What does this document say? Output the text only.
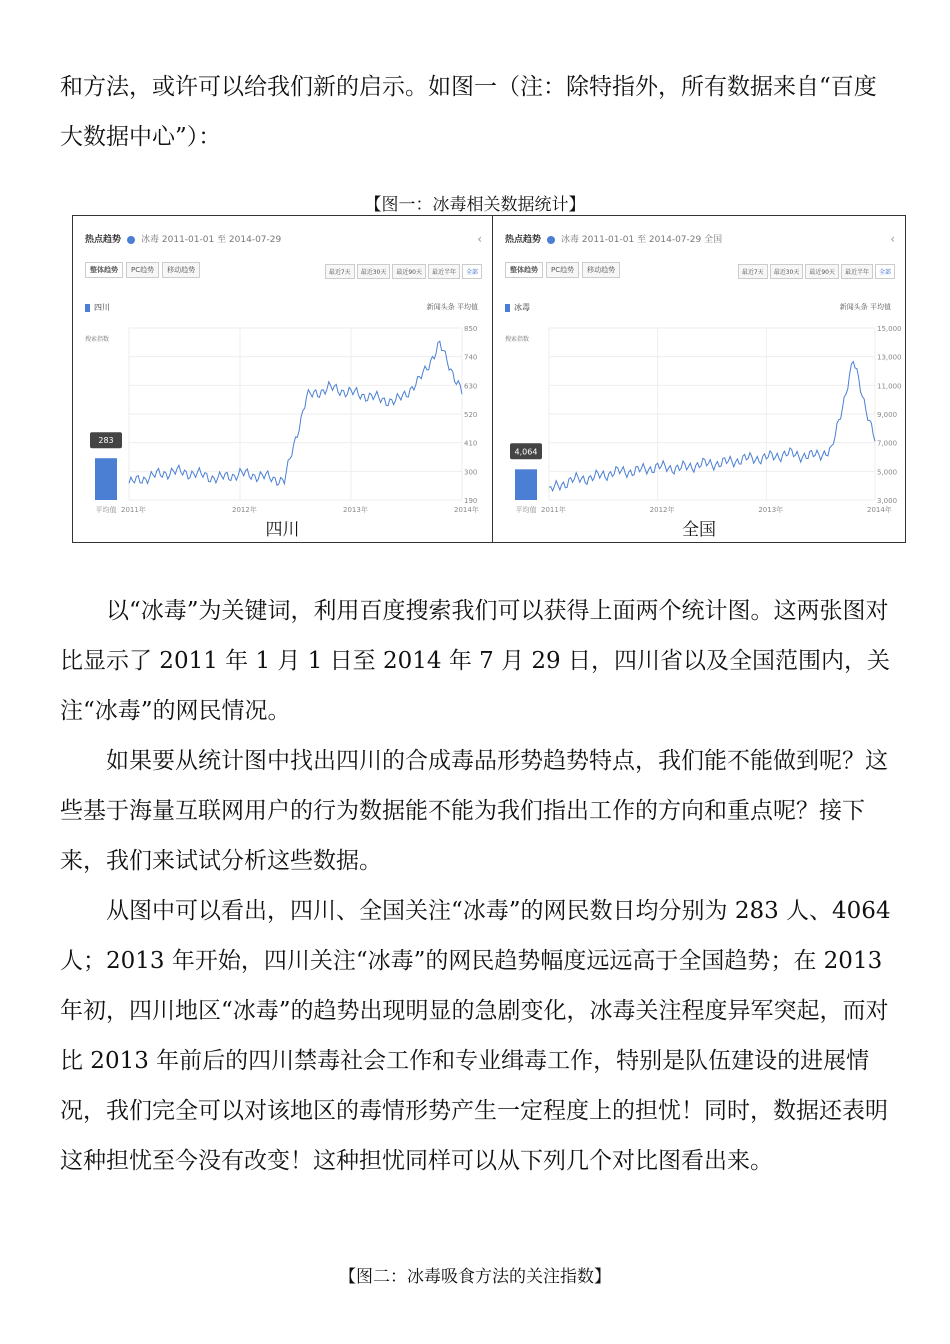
和方法，或许可以给我们新的启示。如图一（注：除特指外，所有数据来自“百度大数据中心”）：

【图一：冰毒相关数据统计】
热点趋势 冰毒 2011-01-01 至 2014-07-29	‹
整体趋势 PC趋势 移动趋势	最近7天 最近30天 最近90天 最近半年 全部
四川	新闻头条 平均值
搜索指数
850
740
630
520
410
300
190
2011年	2012年	2013年	2014年
283
平均值
四川
热点趋势 冰毒 2011-01-01 至 2014-07-29 全国	‹
整体趋势 PC趋势 移动趋势	最近7天 最近30天 最近90天 最近半年 全部
冰毒	新闻头条 平均值
搜索指数
15,000
13,000
11,000
9,000
7,000
5,000
3,000
2011年	2012年	2013年	2014年
4,064
平均值
全国

以“冰毒”为关键词，利用百度搜索我们可以获得上面两个统计图。这两张图对比显示了 2011 年 1 月 1 日至 2014 年 7 月 29 日，四川省以及全国范围内，关注“冰毒”的网民情况。

如果要从统计图中找出四川的合成毒品形势趋势特点，我们能不能做到呢？这些基于海量互联网用户的行为数据能不能为我们指出工作的方向和重点呢？接下来，我们来试试分析这些数据。

从图中可以看出，四川、全国关注“冰毒”的网民数日均分别为 283 人、4064 人；2013 年开始，四川关注“冰毒”的网民趋势幅度远远高于全国趋势；在 2013 年初，四川地区“冰毒”的趋势出现明显的急剧变化，冰毒关注程度异军突起，而对比 2013 年前后的四川禁毒社会工作和专业缉毒工作，特别是队伍建设的进展情况，我们完全可以对该地区的毒情形势产生一定程度上的担忧！同时，数据还表明这种担忧至今没有改变！这种担忧同样可以从下列几个对比图看出来。

【图二：冰毒吸食方法的关注指数】
